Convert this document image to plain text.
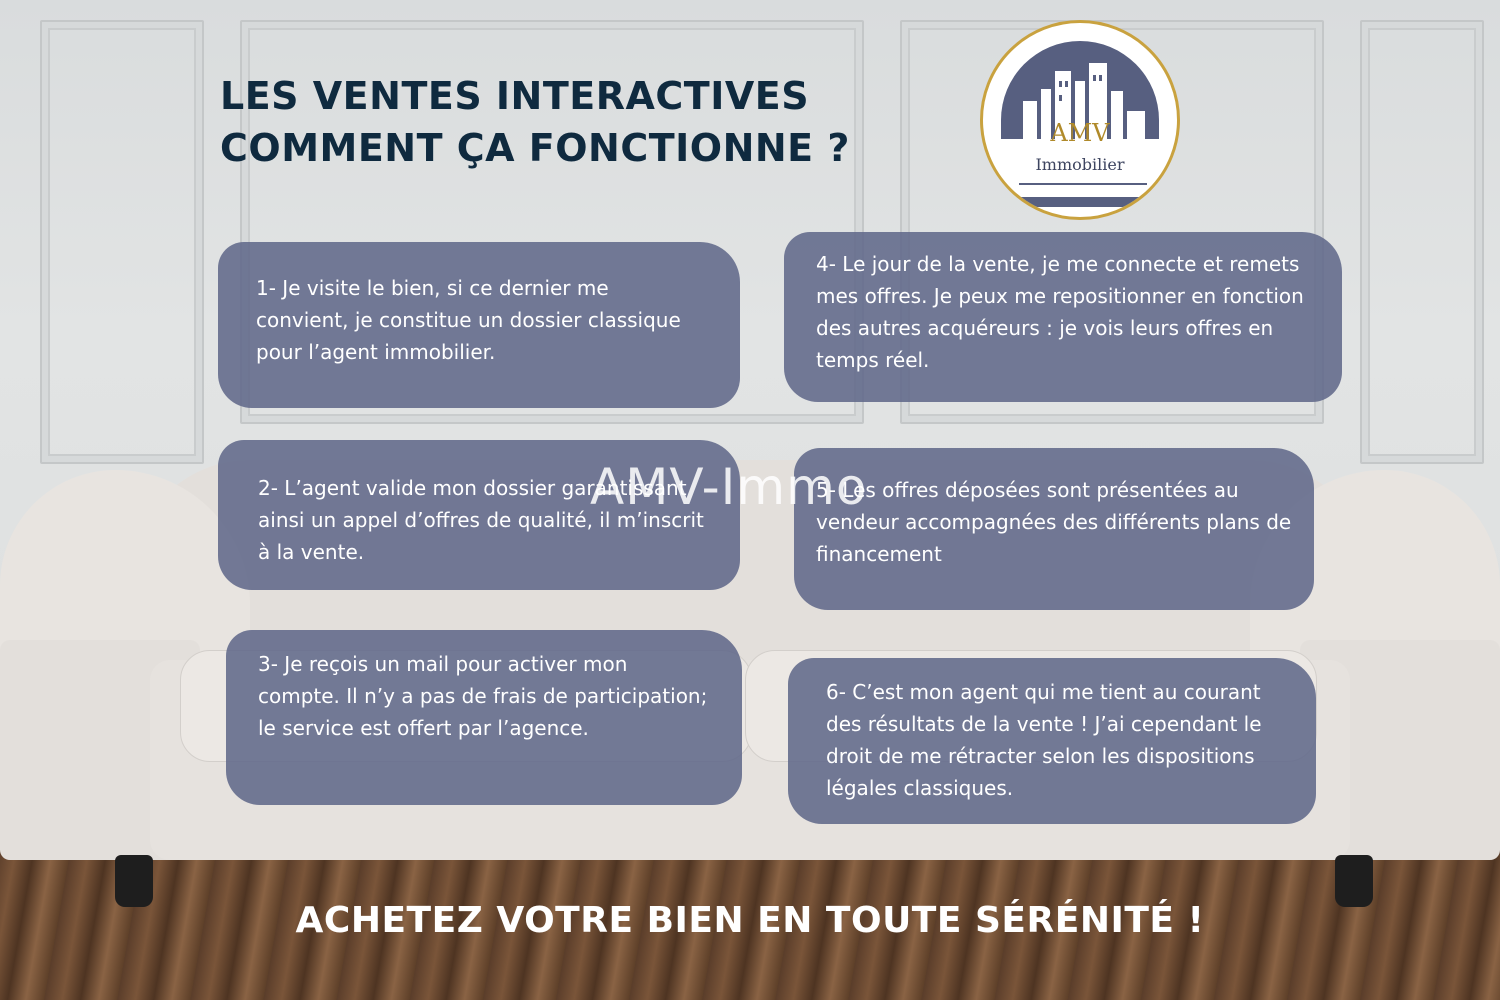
LES VENTES INTERACTIVES
COMMENT ÇA FONCTIONNE ?	AMV
Immobilier

1- Je visite le bien, si ce dernier me convient, je constitue un dossier classique pour l’agent immobilier.

2- L’agent valide mon dossier garantissant ainsi un appel d’offres de qualité, il m’inscrit à la vente.

3- Je reçois un mail pour activer mon compte. Il n’y a pas de frais de participation; le service est offert par l’agence.

4- Le jour de la vente, je me connecte et remets mes offres. Je peux me repositionner en fonction des autres acquéreurs : je vois leurs offres en temps réel.

5- Les offres déposées sont présentées au vendeur accompagnées des différents plans de financement

6- C’est mon agent qui me tient au courant des résultats de la vente ! J’ai cependant le droit de me rétracter selon les dispositions légales classiques.

AMV-Immo

ACHETEZ VOTRE BIEN EN TOUTE SÉRÉNITÉ !
